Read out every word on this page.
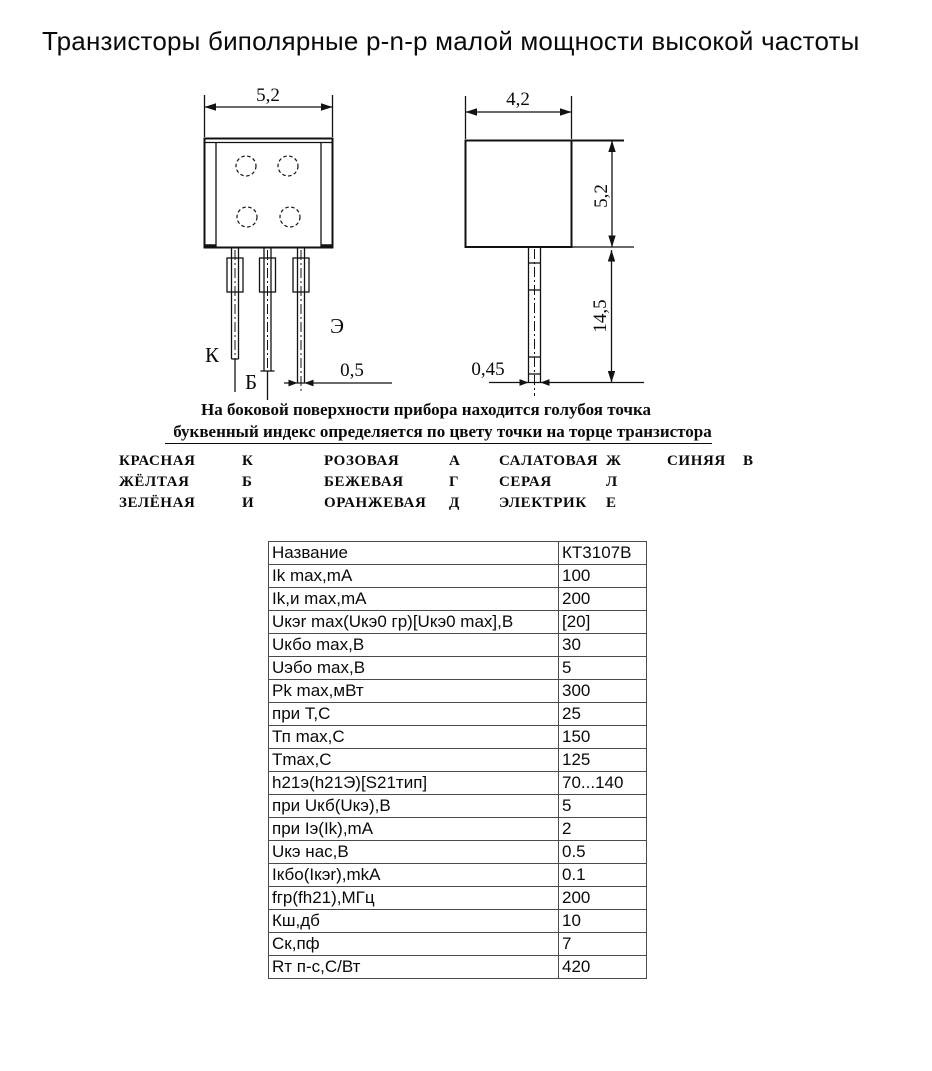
Транзисторы биполярные p-n-p малой мощности высокой частоты
5,2
К
Б
Э
0,5
4,2
5,2
14,5
0,45
На боковой поверхности прибора находится голубоя точка
буквенный индекс определяется по цвету точки на торце транзистора
КРАСНАЯ	К	РОЗОВАЯ	А	САЛАТОВАЯ Ж	СИНЯЯ	В
ЖЁЛТАЯ	Б	БЕЖЕВАЯ	Г	СЕРАЯ	Л
ЗЕЛЁНАЯ	И	ОРАНЖЕВАЯ	Д	ЭЛЕКТРИК	Е
Название	КТ3107В
Ik max,mA	100
Ik,и max,mA	200
Uкэr max(Uкэ0 гр)[Uкэ0 max],В	[20]
Uкбо max,В	30
Uэбо max,В	5
Pk max,мВт	300
при Т,С	25
Тп max,С	150
Tmax,С	125
h21э(h21Э)[S21тип]	70...140
при Uкб(Uкэ),В	5
при Iэ(Ik),mA	2
Uкэ нас,В	0.5
Iкбо(Iкэr),mkA	0.1
fгр(fh21),МГц	200
Кш,дб	10
Ск,пф	7
Rт п-с,С/Вт	420
